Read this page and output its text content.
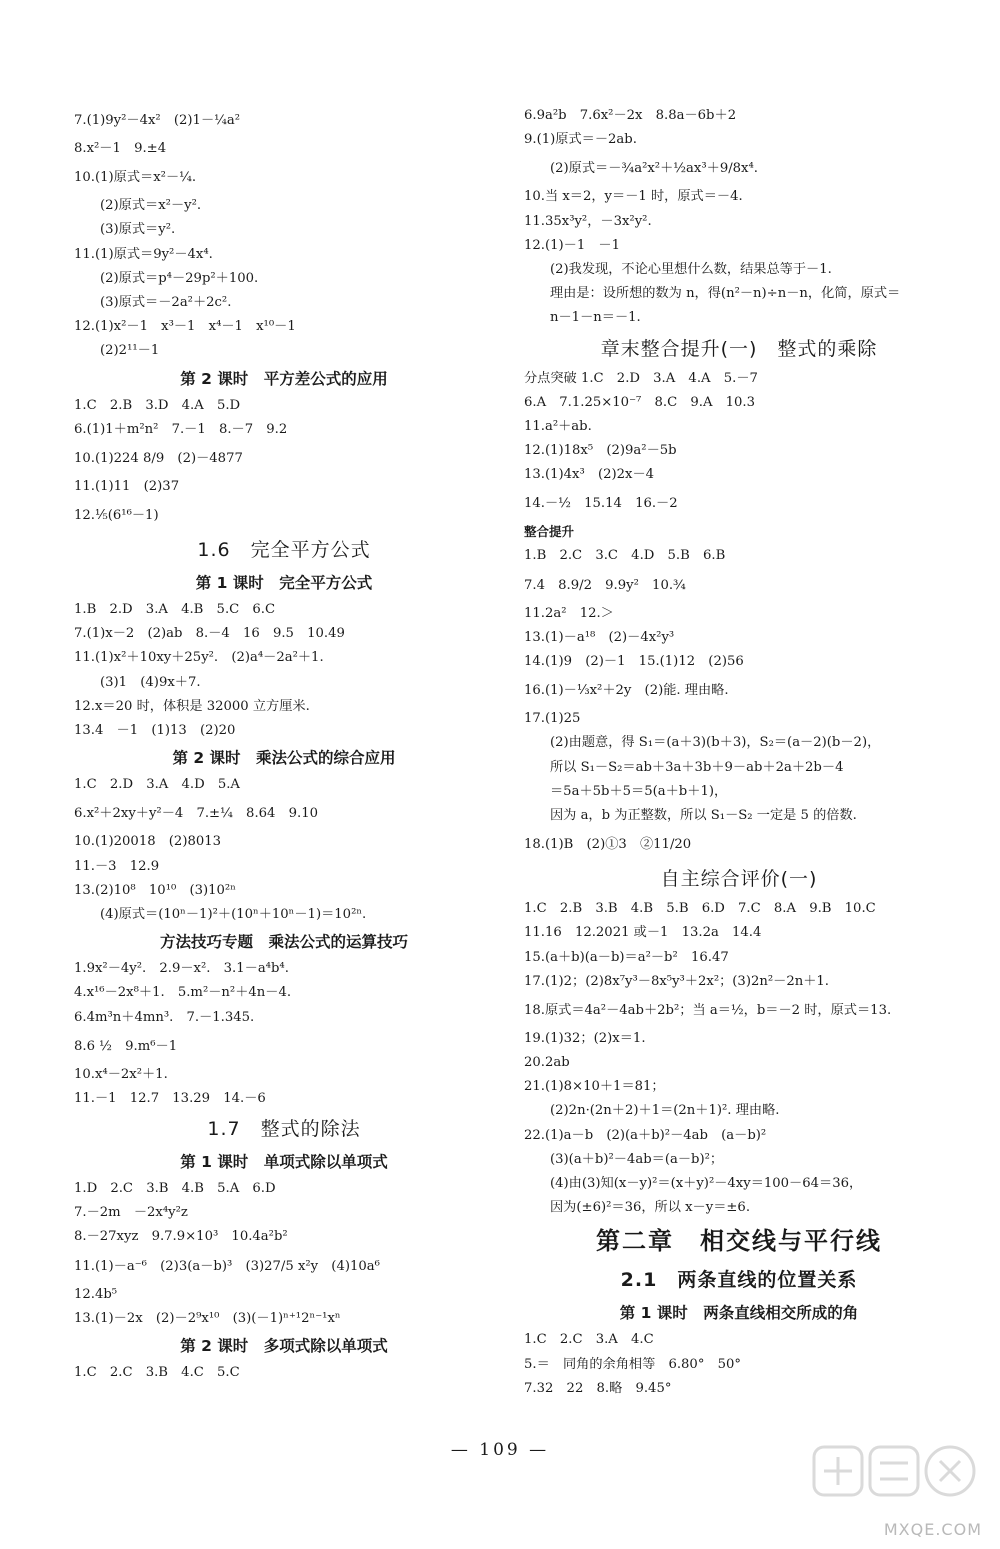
7.(1)9y²－4x²　(2)1－¼a²
8.x²－1　9.±4
10.(1)原式＝x²－¼.
(2)原式＝x²－y².
(3)原式＝y².
11.(1)原式＝9y²－4x⁴.
(2)原式＝p⁴－29p²＋100.
(3)原式＝－2a²＋2c².
12.(1)x²－1　x³－1　x⁴－1　x¹⁰－1
(2)2¹¹－1
第 2 课时　平方差公式的应用
1.C　2.B　3.D　4.A　5.D
6.(1)1＋m²n²　7.－1　8.－7　9.2
10.(1)224 8/9　(2)－4877
11.(1)11　(2)37
12.⅕(6¹⁶－1)
1.6　完全平方公式
第 1 课时　完全平方公式
1.B　2.D　3.A　4.B　5.C　6.C
7.(1)x－2　(2)ab　8.－4　16　9.5　10.49
11.(1)x²＋10xy＋25y².　(2)a⁴－2a²＋1.
(3)1　(4)9x＋7.
12.x＝20 时，体积是 32000 立方厘米.
13.4　－1　(1)13　(2)20
第 2 课时　乘法公式的综合应用
1.C　2.D　3.A　4.D　5.A
6.x²＋2xy＋y²－4　7.±¼　8.64　9.10
10.(1)20018　(2)8013
11.－3　12.9
13.(2)10⁸　10¹⁰　(3)10²ⁿ
(4)原式＝(10ⁿ－1)²＋(10ⁿ＋10ⁿ－1)＝10²ⁿ.
方法技巧专题　乘法公式的运算技巧
1.9x²－4y².　2.9－x².　3.1－a⁴b⁴.
4.x¹⁶－2x⁸＋1.　5.m²－n²＋4n－4.
6.4m³n＋4mn³.　7.－1.345.
8.6 ½　9.m⁶－1
10.x⁴－2x²＋1.
11.－1　12.7　13.29　14.－6
1.7　整式的除法
第 1 课时　单项式除以单项式
1.D　2.C　3.B　4.B　5.A　6.D
7.－2m　－2x⁴y²z
8.－27xyz　9.7.9×10³　10.4a²b²
11.(1)－a⁻⁶　(2)3(a－b)³　(3)27/5 x²y　(4)10a⁶
12.4b⁵
13.(1)－2x　(2)－2⁹x¹⁰　(3)(－1)ⁿ⁺¹2ⁿ⁻¹xⁿ
第 2 课时　多项式除以单项式
1.C　2.C　3.B　4.C　5.C
6.9a²b　7.6x²－2x　8.8a－6b＋2
9.(1)原式＝－2ab.
(2)原式＝－¾a²x²＋½ax³＋9/8x⁴.
10.当 x＝2，y＝－1 时，原式＝－4.
11.35x³y²，－3x²y².
12.(1)－1　－1
(2)我发现，不论心里想什么数，结果总等于－1.
理由是：设所想的数为 n，得(n²－n)÷n－n，化简，原式＝
n－1－n＝－1.
章末整合提升(一)　整式的乘除
分点突破 1.C　2.D　3.A　4.A　5.－7
6.A　7.1.25×10⁻⁷　8.C　9.A　10.3
11.a²＋ab.
12.(1)18x⁵　(2)9a²－5b
13.(1)4x³　(2)2x－4
14.－½　15.14　16.－2
整合提升
1.B　2.C　3.C　4.D　5.B　6.B
7.4　8.9/2　9.9y²　10.¾
11.2a²　12.＞
13.(1)－a¹⁸　(2)－4x²y³
14.(1)9　(2)－1　15.(1)12　(2)56
16.(1)－⅓x²＋2y　(2)能. 理由略.
17.(1)25
(2)由题意，得 S₁＝(a＋3)(b＋3)，S₂＝(a－2)(b－2)，
所以 S₁－S₂＝ab＋3a＋3b＋9－ab＋2a＋2b－4
＝5a＋5b＋5＝5(a＋b＋1)，
因为 a，b 为正整数，所以 S₁－S₂ 一定是 5 的倍数.
18.(1)B　(2)①3　②11/20
自主综合评价(一)
1.C　2.B　3.B　4.B　5.B　6.D　7.C　8.A　9.B　10.C
11.16　12.2021 或－1　13.2a　14.4
15.(a＋b)(a－b)＝a²－b²　16.47
17.(1)2；(2)8x⁷y³－8x⁵y³＋2x²；(3)2n²－2n＋1.
18.原式＝4a²－4ab＋2b²；当 a＝½，b＝－2 时，原式＝13.
19.(1)32；(2)x＝1.
20.2ab
21.(1)8×10＋1＝81；
(2)2n·(2n＋2)＋1＝(2n＋1)². 理由略.
22.(1)a－b　(2)(a＋b)²－4ab　(a－b)²
(3)(a＋b)²－4ab＝(a－b)²；
(4)由(3)知(x－y)²＝(x＋y)²－4xy＝100－64＝36，
因为(±6)²＝36，所以 x－y＝±6.
第二章　相交线与平行线
2.1　两条直线的位置关系
第 1 课时　两条直线相交所成的角
1.C　2.C　3.A　4.C
5.＝　同角的余角相等　6.80°　50°
7.32　22　8.略　9.45°
— 109 —
MXQE.COM
